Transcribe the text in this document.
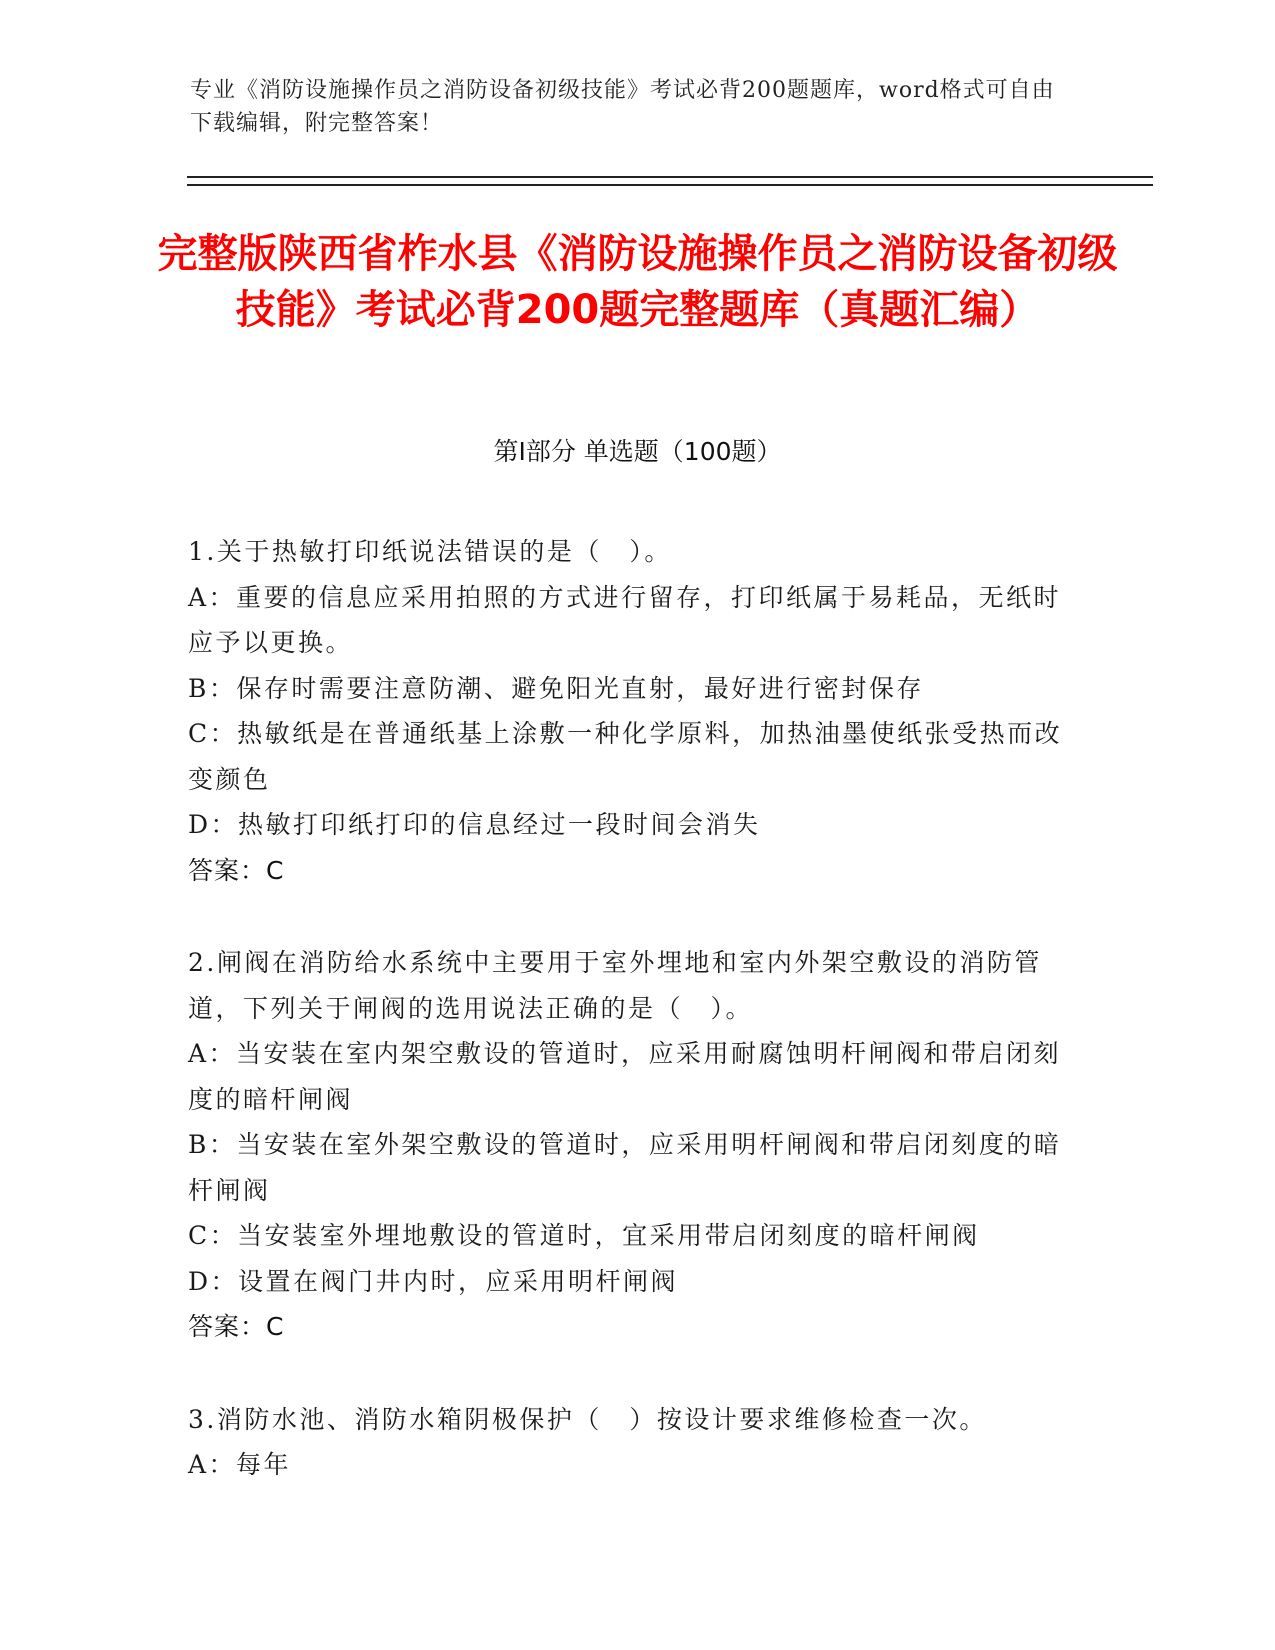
专业《消防设施操作员之消防设备初级技能》考试必背200题题库，word格式可自由下载编辑，附完整答案！
完整版陕西省柞水县《消防设施操作员之消防设备初级技能》考试必背200题完整题库（真题汇编）
第Ⅰ部分 单选题（100题）

1.关于热敏打印纸说法错误的是（　）。

A：重要的信息应采用拍照的方式进行留存，打印纸属于易耗品，无纸时应予以更换。

B：保存时需要注意防潮、避免阳光直射，最好进行密封保存

C：热敏纸是在普通纸基上涂敷一种化学原料，加热油墨使纸张受热而改变颜色

D：热敏打印纸打印的信息经过一段时间会消失

答案：C

2.闸阀在消防给水系统中主要用于室外埋地和室内外架空敷设的消防管道，下列关于闸阀的选用说法正确的是（　）。

A：当安装在室内架空敷设的管道时，应采用耐腐蚀明杆闸阀和带启闭刻度的暗杆闸阀

B：当安装在室外架空敷设的管道时，应采用明杆闸阀和带启闭刻度的暗杆闸阀

C：当安装室外埋地敷设的管道时，宜采用带启闭刻度的暗杆闸阀

D：设置在阀门井内时，应采用明杆闸阀

答案：C

3.消防水池、消防水箱阴极保护（　）按设计要求维修检查一次。

A：每年
